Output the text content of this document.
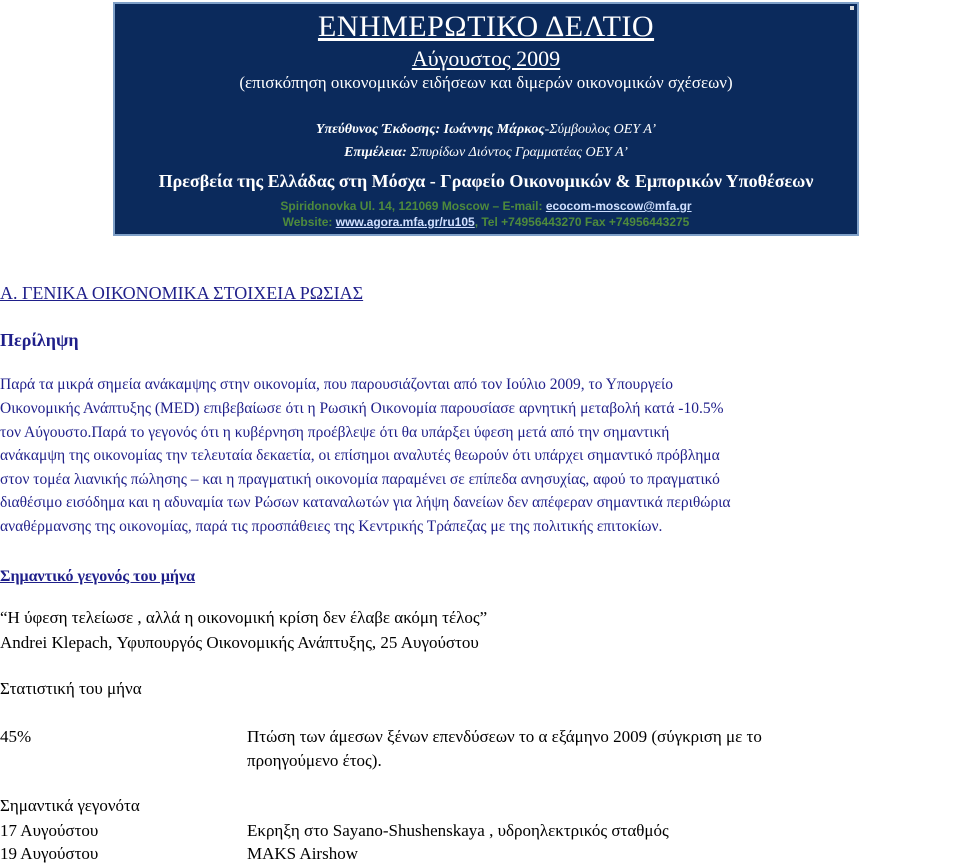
ΕΝΗΜΕΡΩΤΙΚΟ ΔΕΛΤΙΟ
Αύγουστος 2009
(επισκόπηση οικονομικών ειδήσεων και διμερών οικονομικών σχέσεων)
Υπεύθυνος Έκδοσης: Ιωάννης Μάρκος-Σύμβουλος ΟΕΥ Α’
Επιμέλεια: Σπυρίδων Διόντος Γραμματέας ΟΕΥ Α’
Πρεσβεία της Ελλάδας στη Μόσχα - Γραφείο Οικονομικών & Εμπορικών Υποθέσεων
Spiridonovka Ul. 14, 121069 Moscow – E-mail: ecocom-moscow@mfa.gr
Website: www.agora.mfa.gr/ru105, Tel +74956443270 Fax +74956443275
Α. ΓΕΝΙΚΑ ΟΙΚΟΝΟΜΙΚΑ ΣΤΟΙΧΕΙΑ ΡΩΣΙΑΣ
Περίληψη
Παρά τα μικρά σημεία ανάκαμψης στην οικονομία, που παρουσιάζονται από τον Ιούλιο 2009, το Υπουργείο
Οικονομικής Ανάπτυξης (ΜED) επιβεβαίωσε ότι η Ρωσική Οικονομία παρουσίασε αρνητική μεταβολή κατά -10.5%
τον Αύγουστο.Παρά το γεγονός ότι η κυβέρνηση προέβλεψε ότι θα υπάρξει ύφεση μετά από την σημαντική
ανάκαμψη της οικονομίας την τελευταία δεκαετία, οι επίσημοι αναλυτές θεωρούν ότι υπάρχει σημαντικό πρόβλημα
στον τομέα λιανικής πώλησης – και η πραγματική οικονομία παραμένει σε επίπεδα ανησυχίας, αφού το πραγματικό
διαθέσιμο εισόδημα και η αδυναμία των Ρώσων καταναλωτών για λήψη δανείων δεν απέφεραν σημαντικά περιθώρια
αναθέρμανσης της οικονομίας, παρά τις προσπάθειες της Κεντρικής Τράπεζας με της πολιτικής επιτοκίων.
Σημαντικό γεγονός του μήνα
“Η ύφεση τελείωσε , αλλά η οικονομική κρίση δεν έλαβε ακόμη τέλος”
Andrei Klepach, Υφυπουργός Οικονομικής Ανάπτυξης, 25 Αυγούστου
Στατιστική του μήνα
45%	Πτώση των άμεσων ξένων επενδύσεων το α εξάμηνο 2009 (σύγκριση με το
προηγούμενο έτος).
Σημαντικά γεγονότα
17 Αυγούστου	Εκρηξη στο Sayano-Shushenskaya , υδροηλεκτρικός σταθμός
19 Αυγούστου	MAKS Airshow
